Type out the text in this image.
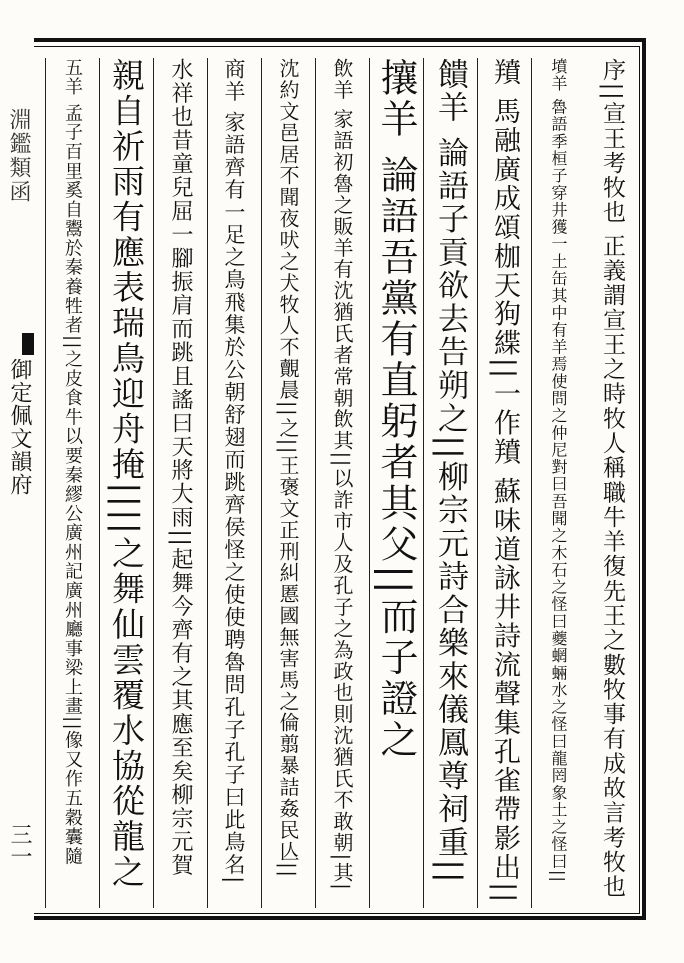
淵鑑類函
御定佩文韻府
三一	序||宣王考牧也 正義謂宣王之時牧人稱職牛羊復先王之數牧事有成故言考牧也
墳羊 魯語季桓子穿井獲一土缶其中有羊焉使問之仲尼對曰吾聞之木石之怪曰夔蝄蜽水之怪曰龍罔象土之怪曰||
羵 馬融廣成頌枷天狗緤||一作羵 蘇味道詠井詩流聲集孔雀帶影出||
饋羊 論語子貢欲去告朔之||柳宗元詩合樂來儀鳳尊祠重||
攘羊 論語吾黨有直躬者其父||而子證之
飲羊 家語初魯之販羊有沈猶氏者常朝飲其||以詐市人及孔子之為政也則沈猶氏不敢朝|其|
沈約文邑居不聞夜吠之犬牧人不覿晨||之||王褒文正刑糾慝國無害馬之倫翦暴詰姦民亾||
商羊 家語齊有一足之鳥飛集於公朝舒翅而跳齊侯怪之使使聘魯問孔子孔子曰此鳥名|
水祥也昔童兒屈一腳振肩而跳且謠曰天將大雨||起舞今齊有之其應至矣柳宗元賀
親自祈雨有應表瑞鳥迎舟掩||||之舞仙雲覆水協從龍之
五羊 孟子百里奚自鬻於秦養牲者||之皮食牛以要秦繆公廣州記廣州廳事梁上畫||像又作五穀囊隨
